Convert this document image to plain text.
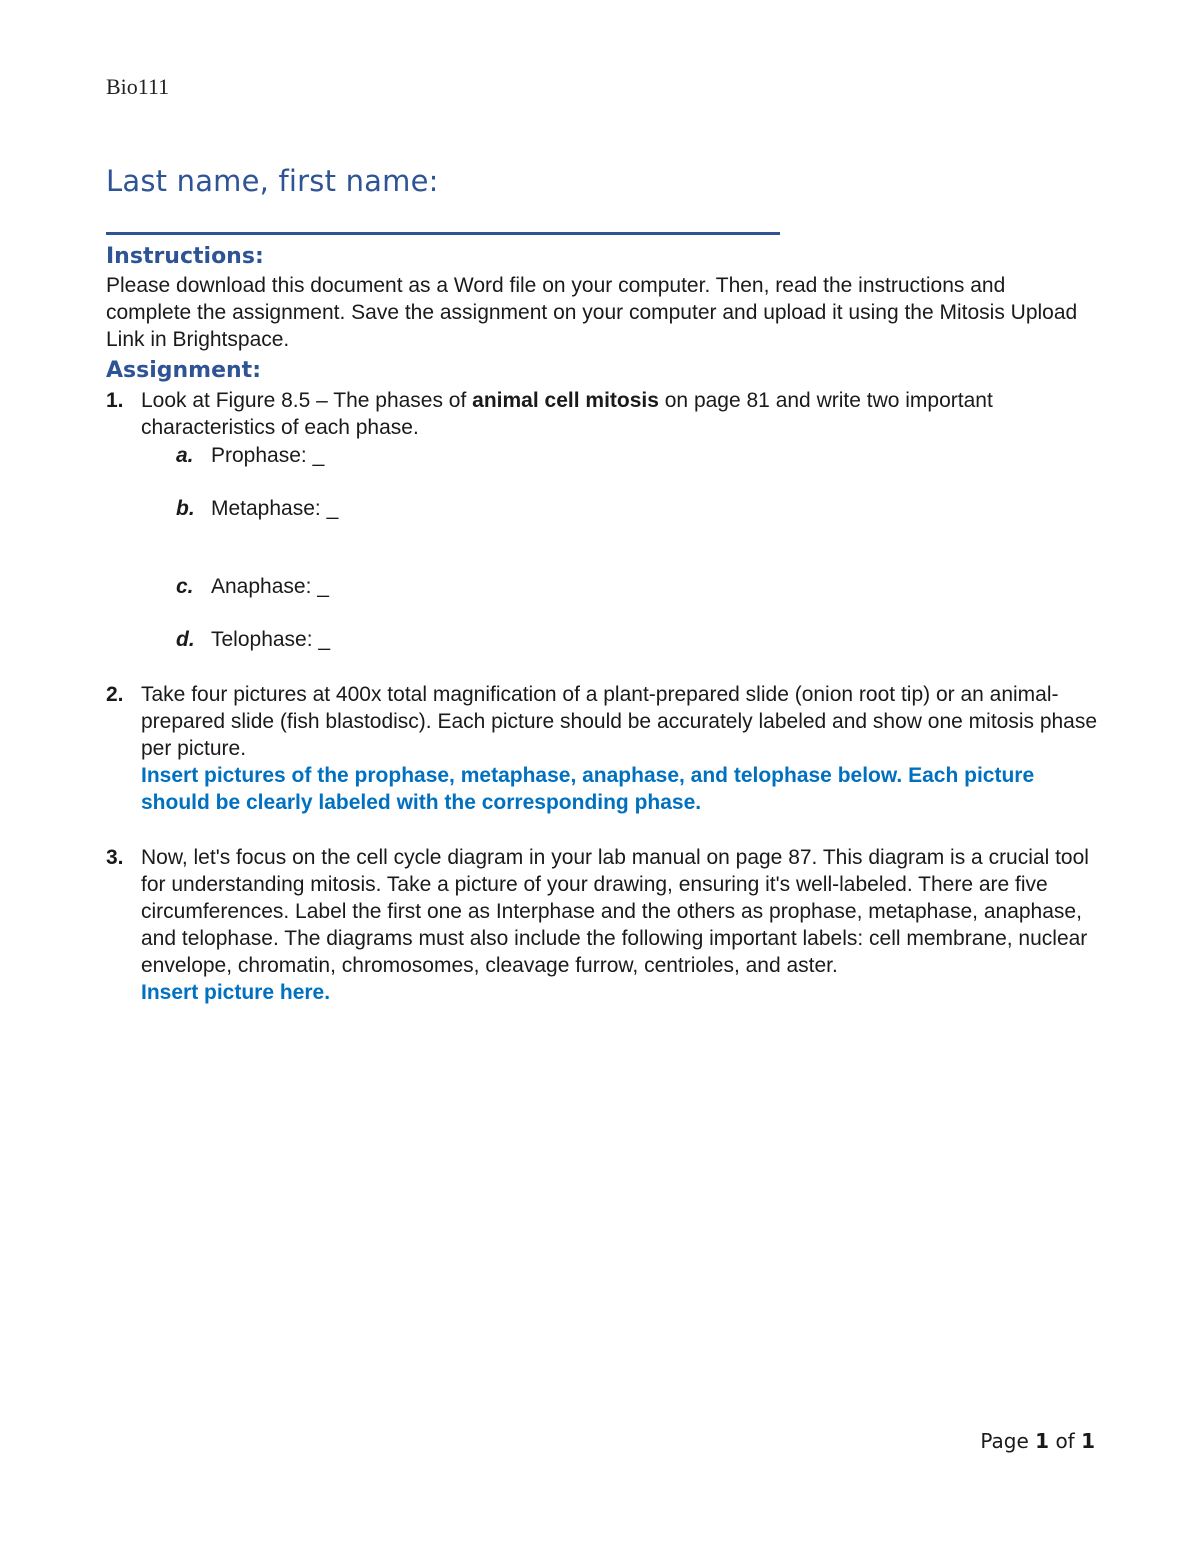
Bio111
Last name, first name:
Instructions:
Please download this document as a Word file on your computer. Then, read the instructions and complete the assignment. Save the assignment on your computer and upload it using the Mitosis Upload Link in Brightspace.
Assignment:
1. Look at Figure 8.5 – The phases of animal cell mitosis on page 81 and write two important characteristics of each phase.
a. Prophase: _
b. Metaphase: _
c. Anaphase: _
d. Telophase: _
2. Take four pictures at 400x total magnification of a plant-prepared slide (onion root tip) or an animal-prepared slide (fish blastodisc). Each picture should be accurately labeled and show one mitosis phase per picture.
Insert pictures of the prophase, metaphase, anaphase, and telophase below. Each picture should be clearly labeled with the corresponding phase.
3. Now, let's focus on the cell cycle diagram in your lab manual on page 87. This diagram is a crucial tool for understanding mitosis. Take a picture of your drawing, ensuring it's well-labeled. There are five circumferences. Label the first one as Interphase and the others as prophase, metaphase, anaphase, and telophase. The diagrams must also include the following important labels: cell membrane, nuclear envelope, chromatin, chromosomes, cleavage furrow, centrioles, and aster.
Insert picture here.
Page 1 of 1
